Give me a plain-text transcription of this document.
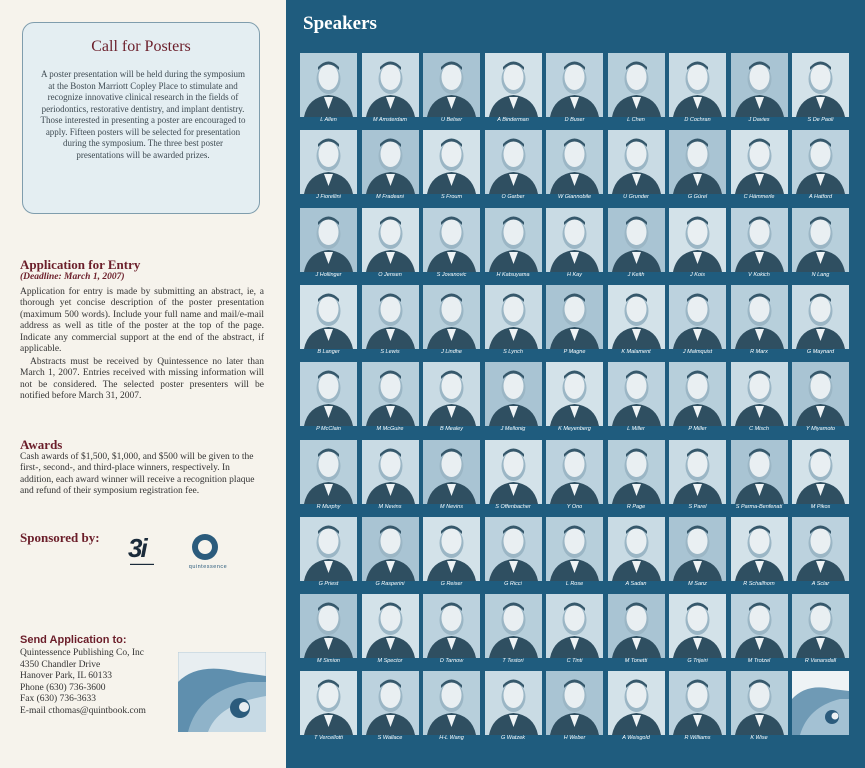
Call for Posters

A poster presentation will be held during the symposium at the Boston Marriott Copley Place to stimulate and recognize innovative clinical research in the fields of periodontics, restorative dentistry, and implant dentistry. Those interested in presenting a poster are encouraged to apply. Fifteen posters will be selected for presentation during the symposium. The three best poster presentations will be awarded prizes.

Application for Entry
(Deadline: March 1, 2007)

Application for entry is made by submitting an abstract, ie, a thorough yet concise description of the poster presentation (maximum 500 words). Include your full name and mail/e-mail address as well as title of the poster at the top of the page. Indicate any commercial support at the end of the abstract, if applicable.

Abstracts must be received by Quintessence no later than March 1, 2007. Entries received with missing information will not be considered. The selected poster presenters will be notified before March 31, 2007.

Awards

Cash awards of $1,500, $1,000, and $500 will be given to the first-, second-, and third-place winners, respectively. In addition, each award winner will receive a recognition plaque and refund of their symposium registration fee.

Sponsored by: 3i
▬▬▬▬▬▬
quintessence
Send Application to:
Quintessence Publishing Co, Inc
4350 Chandler Drive
Hanover Park, IL 60133
Phone (630) 736-3600
Fax (630) 736-3633
E-mail cthomas@quintbook.com
Speakers
L Allen	M Amsterdam	U Belser	A Binderman	D Buser	L Chen	D Cochran	J Davies	S De Paoli
J Fiorellini	M Fradeani	S Froum	O Garber	W Giannobile	U Grunder	G Gürel	C Hämmerle	A Hatford
J Hollinger	O Jensen	S Jovanovic	H Katsuyama	H Kay	J Keith	J Kois	V Kokich	N Lang
B Langer	S Lewis	J Lindhe	S Lynch	P Magne	K Malament	J Malmquist	R Marx	G Maynard
P McClain	M McGuire	B Mealey	J Mellonig	K Meyenberg	L Miller	P Miller	C Misch	Y Miyamoto
R Murphy	M Nevins	M Nevins	S Offenbacher	Y Ono	R Page	S Parel	S Parma-Benfenati	M Pikos
G Priest	G Rasperini	G Reiser	G Ricci	L Rose	A Sadan	M Sanz	R Schallhorn	A Sclar
M Simion	M Spector	D Tarnow	T Testori	C Tinti	M Tonetti	G Trijeiri	M Trotzel	R Vanarsdall
T Vercellotti	S Wallace	H-L Wang	G Watzek	H Weber	A Weisgold	R Williams	K Wise
